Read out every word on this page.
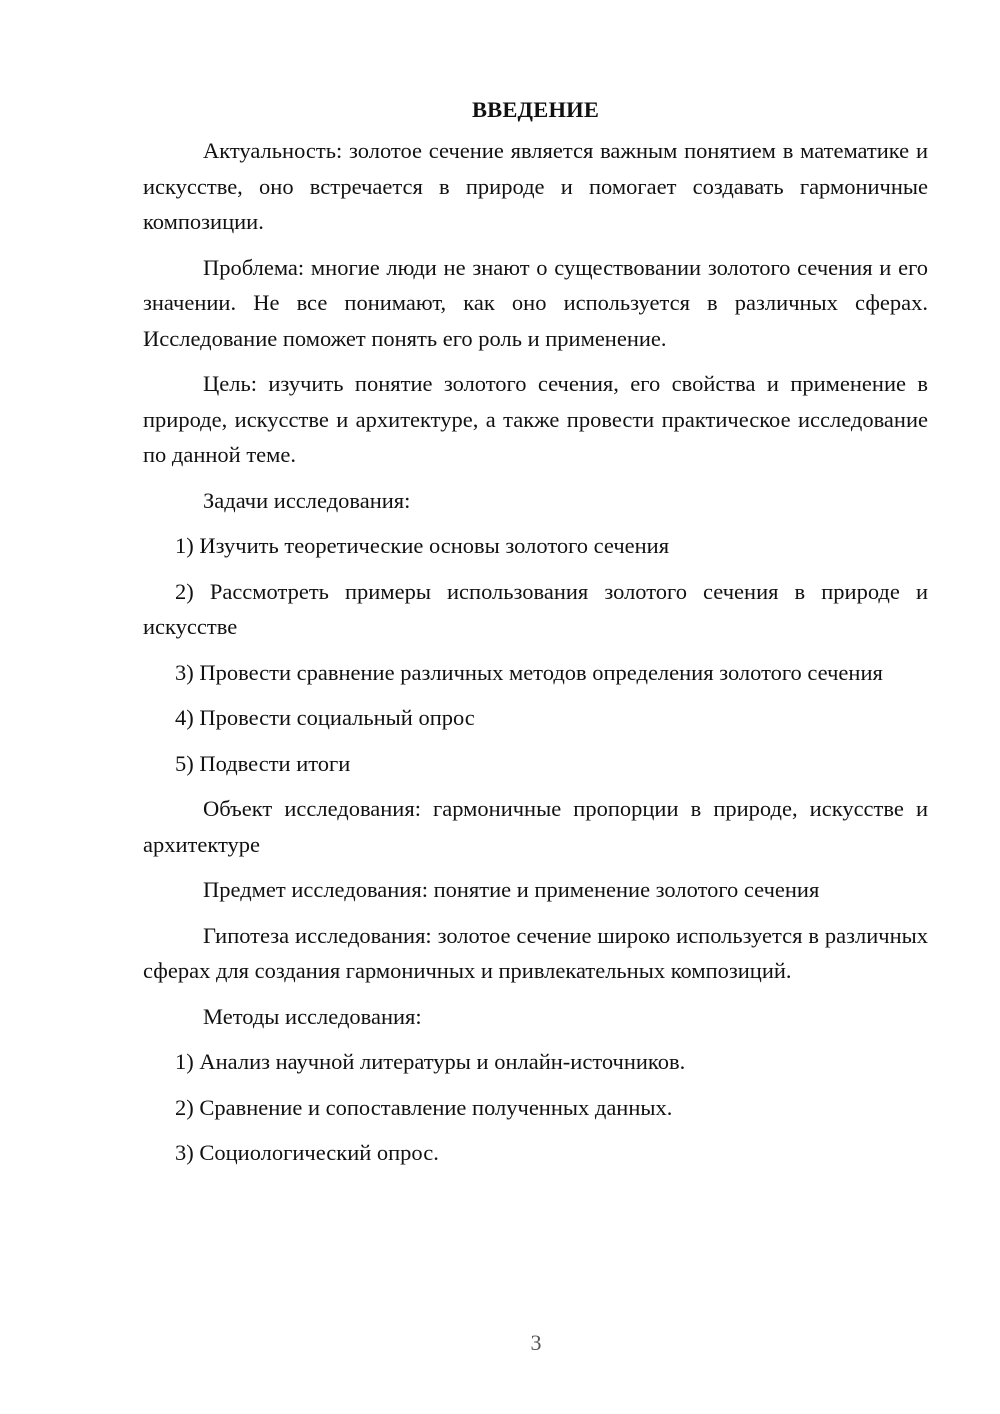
ВВЕДЕНИЕ

Актуальность: золотое сечение является важным понятием в математике и искусстве, оно встречается в природе и помогает создавать гармоничные композиции.

Проблема: многие люди не знают о существовании золотого сечения и его значении. Не все понимают, как оно используется в различных сферах. Исследование поможет понять его роль и применение.

Цель: изучить понятие золотого сечения, его свойства и применение в природе, искусстве и архитектуре, а также провести практическое исследование по данной теме.

Задачи исследования:

1) Изучить теоретические основы золотого сечения

2) Рассмотреть примеры использования золотого сечения в природе и искусстве

3) Провести сравнение различных методов определения золотого сечения

4) Провести социальный опрос

5) Подвести итоги

Объект исследования: гармоничные пропорции в природе, искусстве и архитектуре

Предмет исследования: понятие и применение золотого сечения

Гипотеза исследования: золотое сечение широко используется в различных сферах для создания гармоничных и привлекательных композиций.

Методы исследования:

1) Анализ научной литературы и онлайн-источников.

2) Сравнение и сопоставление полученных данных.

3) Социологический опрос.

3
